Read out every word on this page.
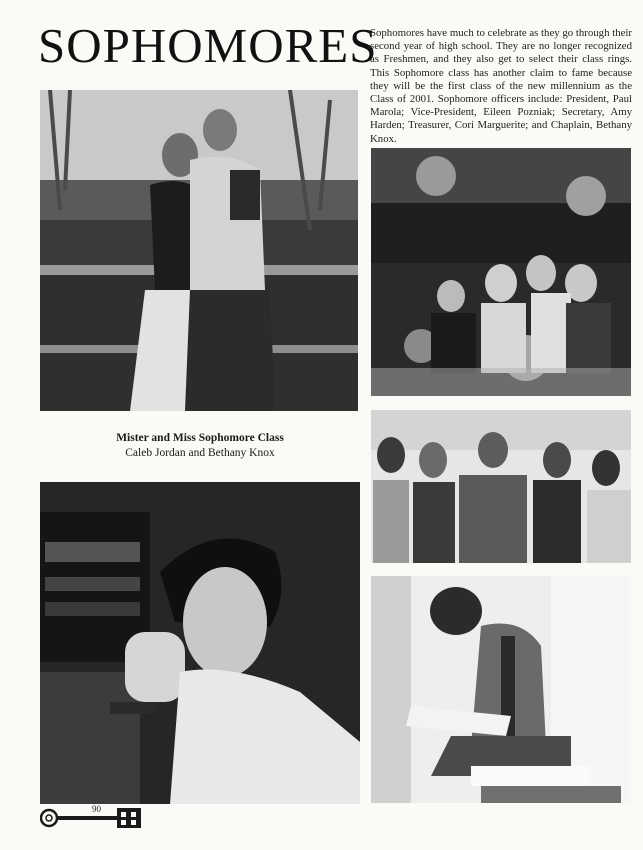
SOPHOMORES

Sophomores have much to celebrate as they go through their second year of high school. They are no longer recognized as Freshmen, and they also get to select their class rings. This Sophomore class has another claim to fame because they will be the first class of the new millennium as the Class of 2001. Sophomore officers include: President, Paul Marola; Vice-President, Eileen Pozniak; Secretary, Amy Harden; Treasurer, Cori Marguerite; and Chaplain, Bethany Knox.

Mister and Miss Sophomore Class
Caleb Jordan and Bethany Knox
90
